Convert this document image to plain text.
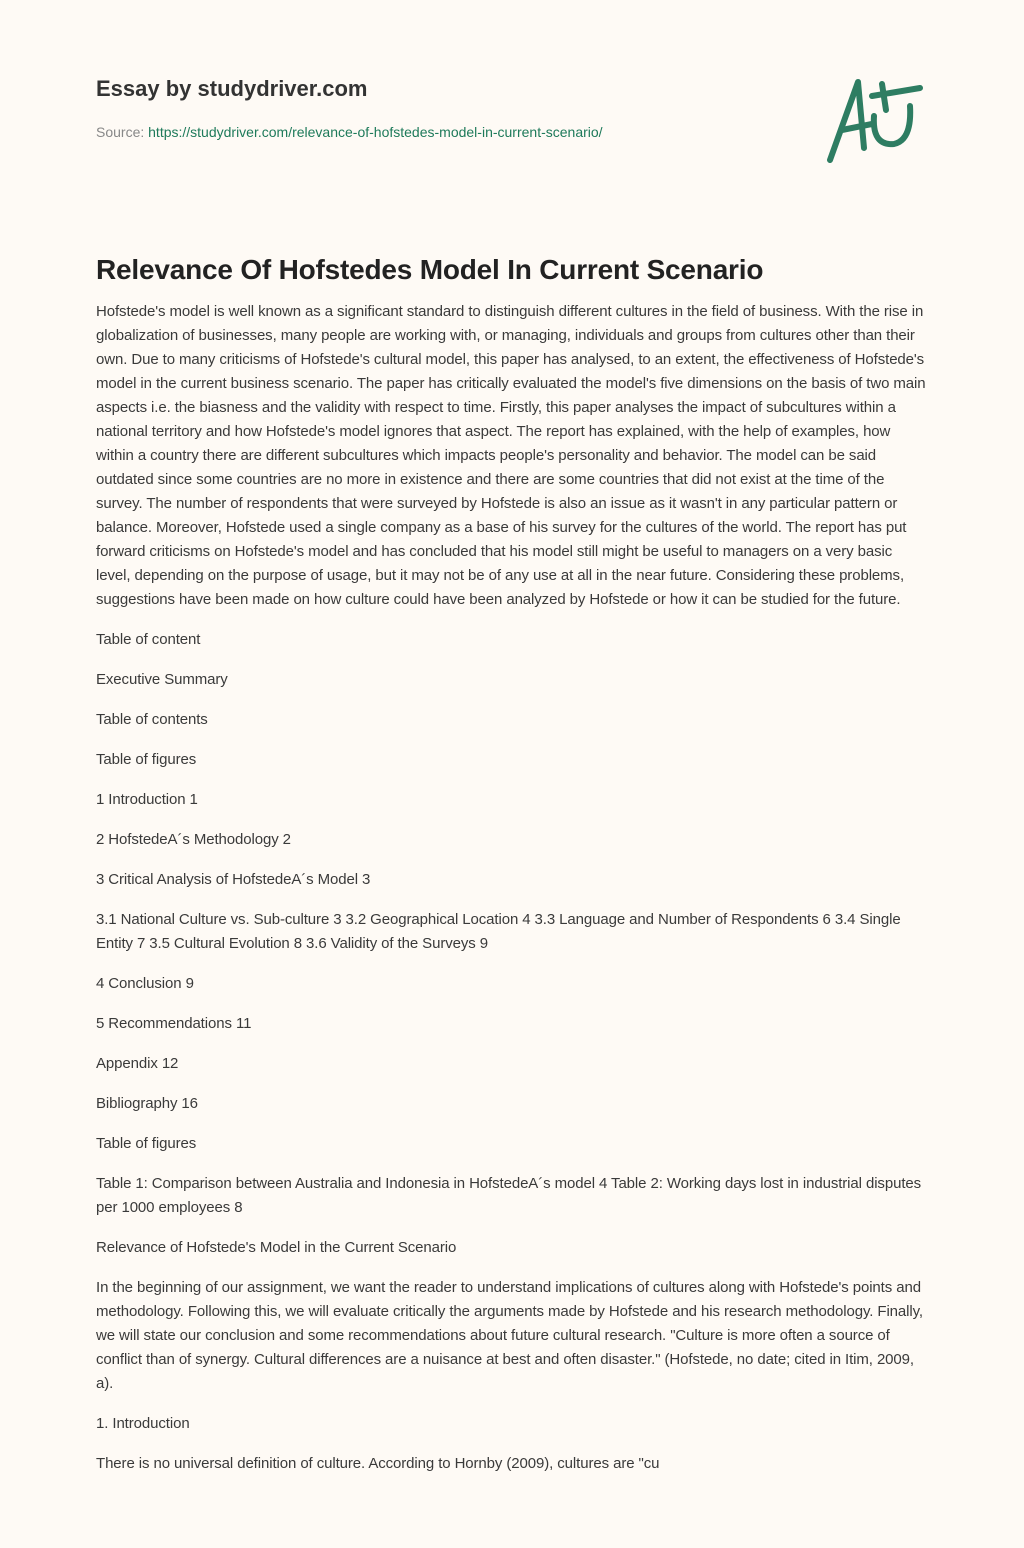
Essay by studydriver.com
Source: https://studydriver.com/relevance-of-hofstedes-model-in-current-scenario/
Relevance Of Hofstedes Model In Current Scenario

Hofstede's model is well known as a significant standard to distinguish different cultures in the field of business. With the rise in globalization of businesses, many people are working with, or managing, individuals and groups from cultures other than their own. Due to many criticisms of Hofstede's cultural model, this paper has analysed, to an extent, the effectiveness of Hofstede's model in the current business scenario. The paper has critically evaluated the model's five dimensions on the basis of two main aspects i.e. the biasness and the validity with respect to time. Firstly, this paper analyses the impact of subcultures within a national territory and how Hofstede's model ignores that aspect. The report has explained, with the help of examples, how within a country there are different subcultures which impacts people's personality and behavior. The model can be said outdated since some countries are no more in existence and there are some countries that did not exist at the time of the survey. The number of respondents that were surveyed by Hofstede is also an issue as it wasn't in any particular pattern or balance. Moreover, Hofstede used a single company as a base of his survey for the cultures of the world. The report has put forward criticisms on Hofstede's model and has concluded that his model still might be useful to managers on a very basic level, depending on the purpose of usage, but it may not be of any use at all in the near future. Considering these problems, suggestions have been made on how culture could have been analyzed by Hofstede or how it can be studied for the future.

Table of content

Executive Summary

Table of contents

Table of figures

1 Introduction 1

2 HofstedeA´s Methodology 2

3 Critical Analysis of HofstedeA´s Model 3

3.1 National Culture vs. Sub-culture 3 3.2 Geographical Location 4 3.3 Language and Number of Respondents 6 3.4 Single Entity 7 3.5 Cultural Evolution 8 3.6 Validity of the Surveys 9

4 Conclusion 9

5 Recommendations 11

Appendix 12

Bibliography 16

Table of figures

Table 1: Comparison between Australia and Indonesia in HofstedeA´s model 4 Table 2: Working days lost in industrial disputes per 1000 employees 8

Relevance of Hofstede's Model in the Current Scenario

In the beginning of our assignment, we want the reader to understand implications of cultures along with Hofstede's points and methodology. Following this, we will evaluate critically the arguments made by Hofstede and his research methodology. Finally, we will state our conclusion and some recommendations about future cultural research. "Culture is more often a source of conflict than of synergy. Cultural differences are a nuisance at best and often disaster." (Hofstede, no date; cited in Itim, 2009, a).

1. Introduction

There is no universal definition of culture. According to Hornby (2009), cultures are "cu
